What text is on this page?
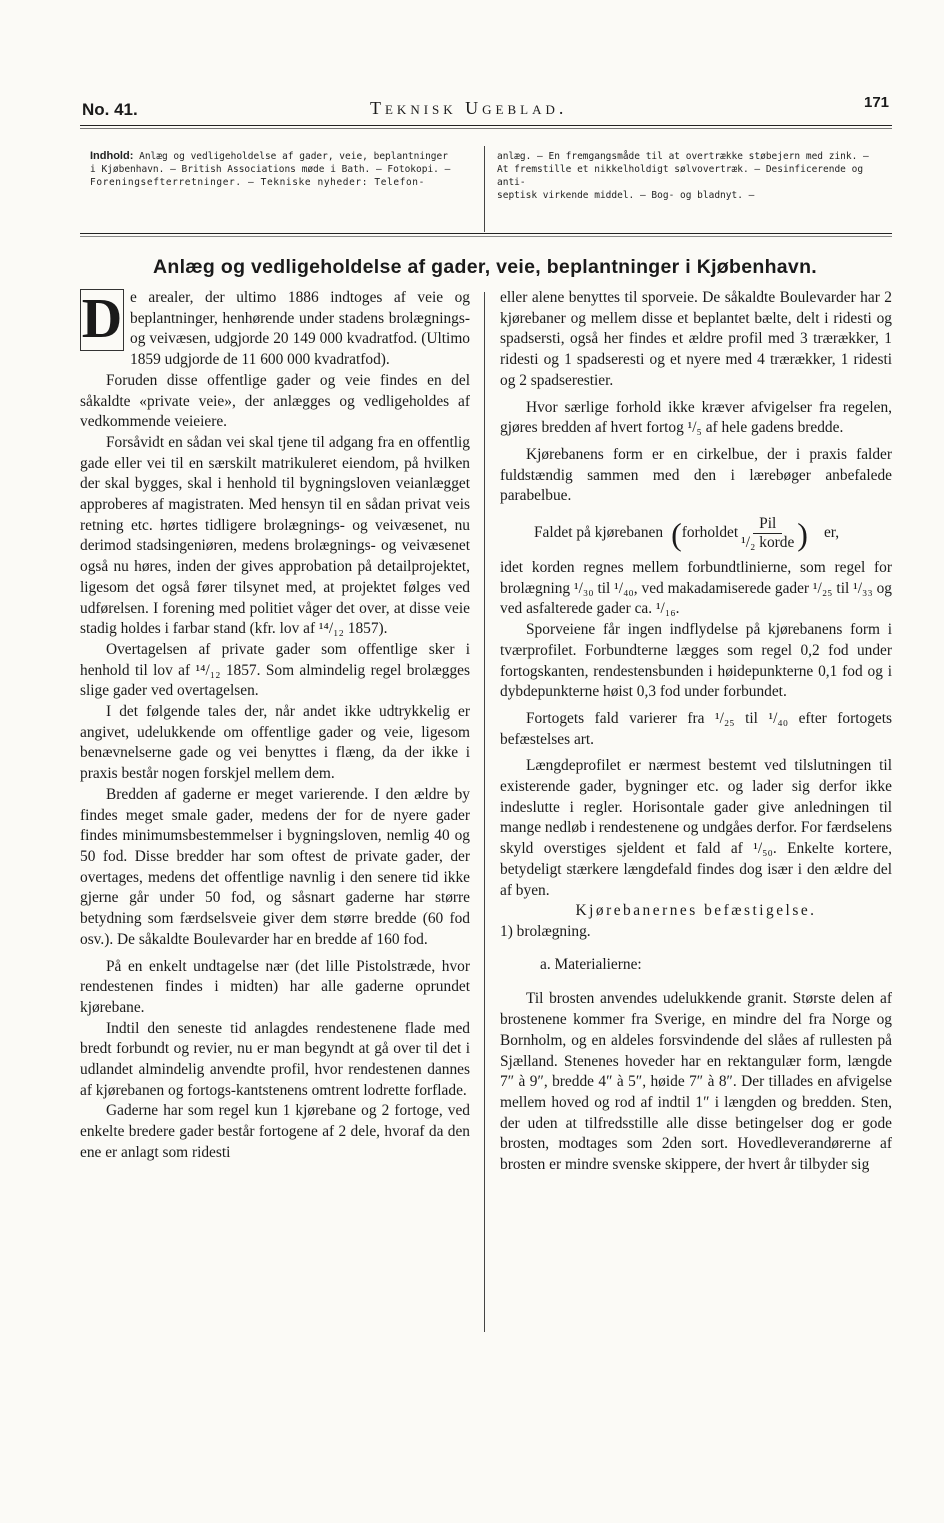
No. 41.	Teknisk Ugeblad.	171
Indhold: Anlæg og vedligeholdelse af gader, veie, beplantninger
i Kjøbenhavn. — British Associations møde i Bath. — Fotokopi. —
Foreningsefterretninger. — Tekniske nyheder: Telefon-
anlæg. — En fremgangsmåde til at overtrække støbejern med zink. —
At fremstille et nikkelholdigt sølvovertræk. — Desinficerende og anti-
septisk virkende middel. — Bog- og bladnyt. —
Anlæg og vedligeholdelse af gader, veie, beplantninger i Kjøbenhavn.

D e arealer, der ultimo 1886 indtoges af veie og beplantninger, henhørende under stadens brolægnings- og veivæsen, udgjorde 20 149 000 kvadratfod. (Ultimo 1859 udgjorde de 11 600 000 kvadratfod).

Foruden disse offentlige gader og veie findes en del såkaldte «private veie», der anlægges og vedligeholdes af vedkommende veieiere.

Forsåvidt en sådan vei skal tjene til adgang fra en offentlig gade eller vei til en særskilt matrikuleret eiendom, på hvilken der skal bygges, skal i henhold til bygningsloven veianlægget approberes af magistraten. Med hensyn til en sådan privat veis retning etc. hørtes tidligere brolægnings- og veivæsenet, nu derimod stadsingeniøren, medens brolægnings- og veivæsenet også nu høres, inden der gives approbation på detailprojektet, ligesom det også fører tilsynet med, at projektet følges ved udførelsen. I forening med politiet våger det over, at disse veie stadig holdes i farbar stand (kfr. lov af ¹⁴/₁₂ 1857).

Overtagelsen af private gader som offentlige sker i henhold til lov af ¹⁴/₁₂ 1857. Som almindelig regel brolægges slige gader ved overtagelsen.

I det følgende tales der, når andet ikke udtrykkelig er angivet, udelukkende om offentlige gader og veie, ligesom benævnelserne gade og vei benyttes i flæng, da der ikke i praxis består nogen forskjel mellem dem.

Bredden af gaderne er meget varierende. I den ældre by findes meget smale gader, medens der for de nyere gader findes minimumsbestemmelser i bygningsloven, nemlig 40 og 50 fod. Disse bredder har som oftest de private gader, der overtages, medens det offentlige navnlig i den senere tid ikke gjerne går under 50 fod, og såsnart gaderne har større betydning som færdselsveie giver dem større bredde (60 fod osv.). De såkaldte Boulevarder har en bredde af 160 fod.

På en enkelt undtagelse nær (det lille Pistolstræde, hvor rendestenen findes i midten) har alle gaderne oprundet kjørebane.

Indtil den seneste tid anlagdes rendestenene flade med bredt forbundt og revier, nu er man begyndt at gå over til det i udlandet almindelig anvendte profil, hvor rendestenen dannes af kjørebanen og fortogs-kantstenens omtrent lodrette forflade.

Gaderne har som regel kun 1 kjørebane og 2 fortoge, ved enkelte bredere gader består fortogene af 2 dele, hvoraf da den ene er anlagt som ridesti

eller alene benyttes til sporveie. De såkaldte Boulevarder har 2 kjørebaner og mellem disse et beplantet bælte, delt i ridesti og spadsersti, også her findes et ældre profil med 3 trærækker, 1 ridesti og 1 spadseresti og et nyere med 4 trærækker, 1 ridesti og 2 spadserestier.

Hvor særlige forhold ikke kræver afvigelser fra regelen, gjøres bredden af hvert fortog ¹/₅ af hele gadens bredde.

Kjørebanens form er en cirkelbue, der i praxis falder fuldstændig sammen med den i lærebøger anbefalede parabelbue.

Faldet på kjørebanen ( forholdet $\frac{\text{Pil}}{\text{¹/₂ korde}}$ ) er,

idet korden regnes mellem forbundtlinierne, som regel for brolægning ¹/₃₀ til ¹/₄₀, ved makadamiserede gader ¹/₂₅ til ¹/₃₃ og ved asfalterede gader ca. ¹/₁₆.

Sporveiene får ingen indflydelse på kjørebanens form i tværprofilet. Forbundterne lægges som regel 0,2 fod under fortogskanten, rendestensbunden i høidepunkterne 0,1 fod og i dybdepunkterne høist 0,3 fod under forbundet.

Fortogets fald varierer fra ¹/₂₅ til ¹/₄₀ efter fortogets befæstelses art.

Længdeprofilet er nærmest bestemt ved tilslutningen til existerende gader, bygninger etc. og lader sig derfor ikke indeslutte i regler. Horisontale gader give anledningen til mange nedløb i rendestenene og undgåes derfor. For færdselens skyld overstiges sjeldent et fald af ¹/₅₀. Enkelte kortere, betydeligt stærkere længdefald findes dog især i den ældre del af byen.

Kjørebanernes befæstigelse.

1) brolægning.

a. Materialierne:

Til brosten anvendes udelukkende granit. Største delen af brostenene kommer fra Sverige, en mindre del fra Norge og Bornholm, og en aldeles forsvindende del slåes af rullesten på Sjælland. Stenenes hoveder har en rektangulær form, længde 7″ à 9″, bredde 4″ à 5″, høide 7″ à 8″. Der tillades en afvigelse mellem hoved og rod af indtil 1″ i længden og bredden. Sten, der uden at tilfredsstille alle disse betingelser dog er gode brosten, modtages som 2den sort. Hovedleverandørerne af brosten er mindre svenske skippere, der hvert år tilbyder sig
